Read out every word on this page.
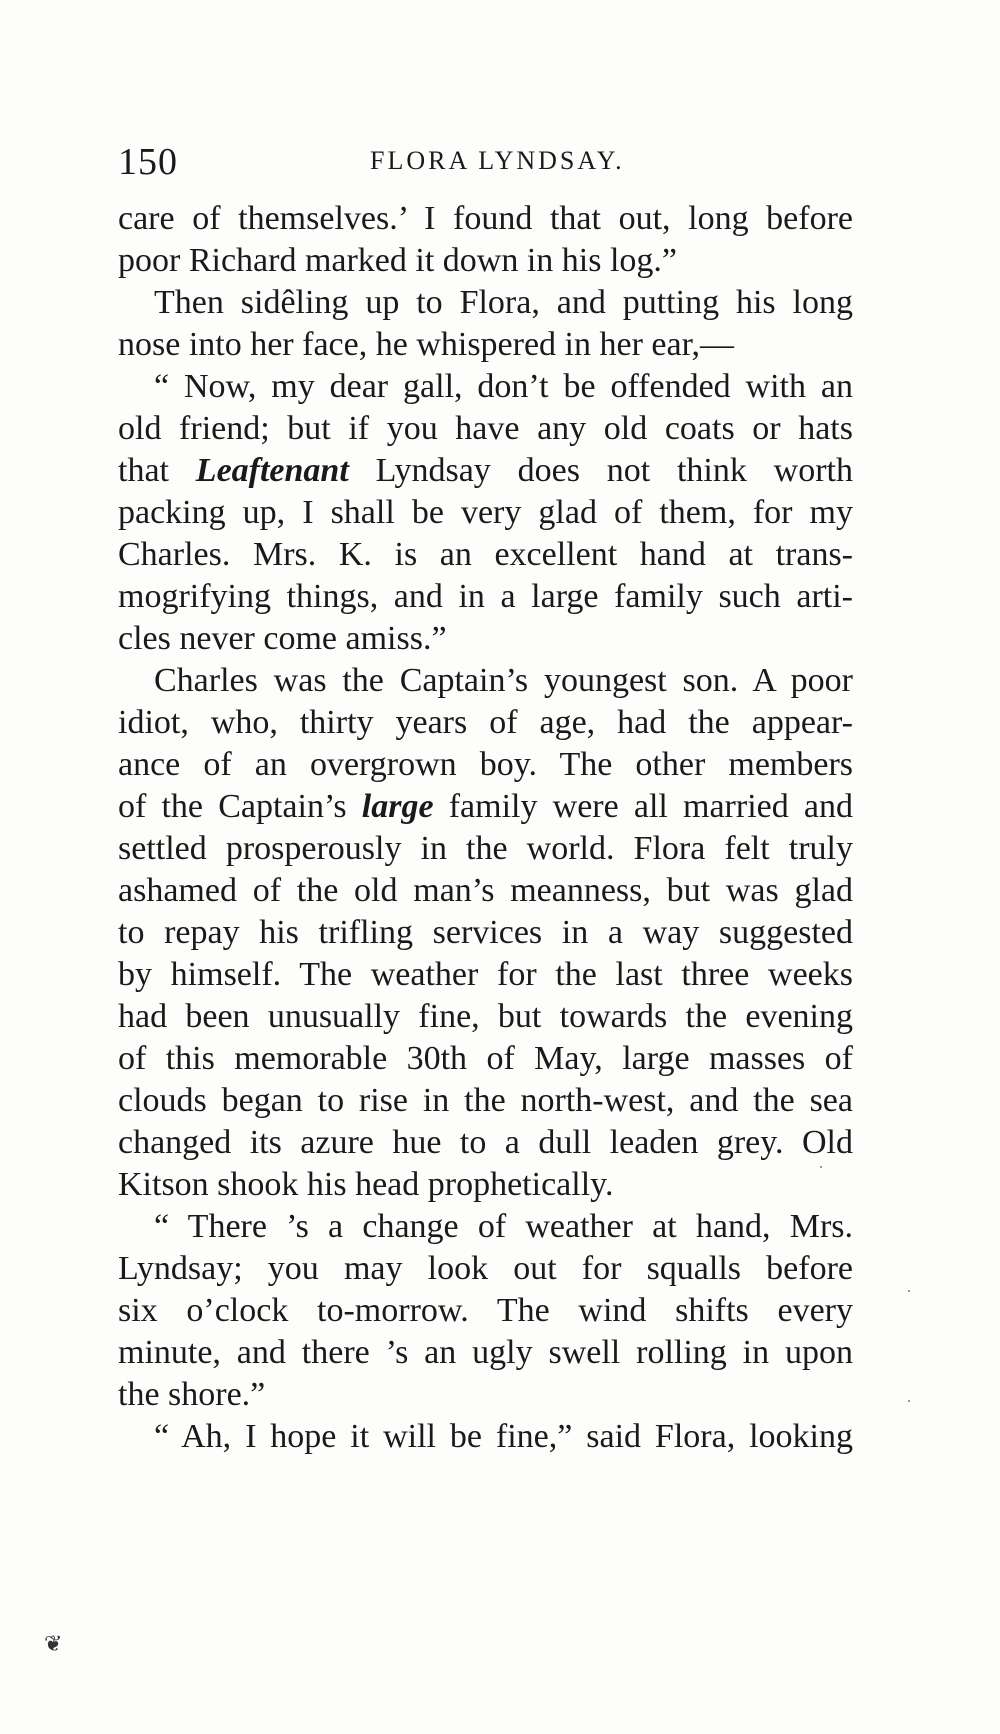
150	FLORA LYNDSAY.
care of themselves.’ I found that out, long before
poor Richard marked it down in his log.”
Then sidêling up to Flora, and putting his long
nose into her face, he whispered in her ear,—
“ Now, my dear gall, don’t be offended with an
old friend; but if you have any old coats or hats
that Leaftenant Lyndsay does not think worth
packing up, I shall be very glad of them, for my
Charles. Mrs. K. is an excellent hand at trans-
mogrifying things, and in a large family such arti-
cles never come amiss.”
Charles was the Captain’s youngest son. A poor
idiot, who, thirty years of age, had the appear-
ance of an overgrown boy. The other members
of the Captain’s large family were all married and
settled prosperously in the world. Flora felt truly
ashamed of the old man’s meanness, but was glad
to repay his trifling services in a way suggested
by himself. The weather for the last three weeks
had been unusually fine, but towards the evening
of this memorable 30th of May, large masses of
clouds began to rise in the north-west, and the sea
changed its azure hue to a dull leaden grey. Old
Kitson shook his head prophetically.
“ There ’s a change of weather at hand, Mrs.
Lyndsay; you may look out for squalls before
six o’clock to-morrow. The wind shifts every
minute, and there ’s an ugly swell rolling in upon
the shore.”
“ Ah, I hope it will be fine,” said Flora, looking
❦
